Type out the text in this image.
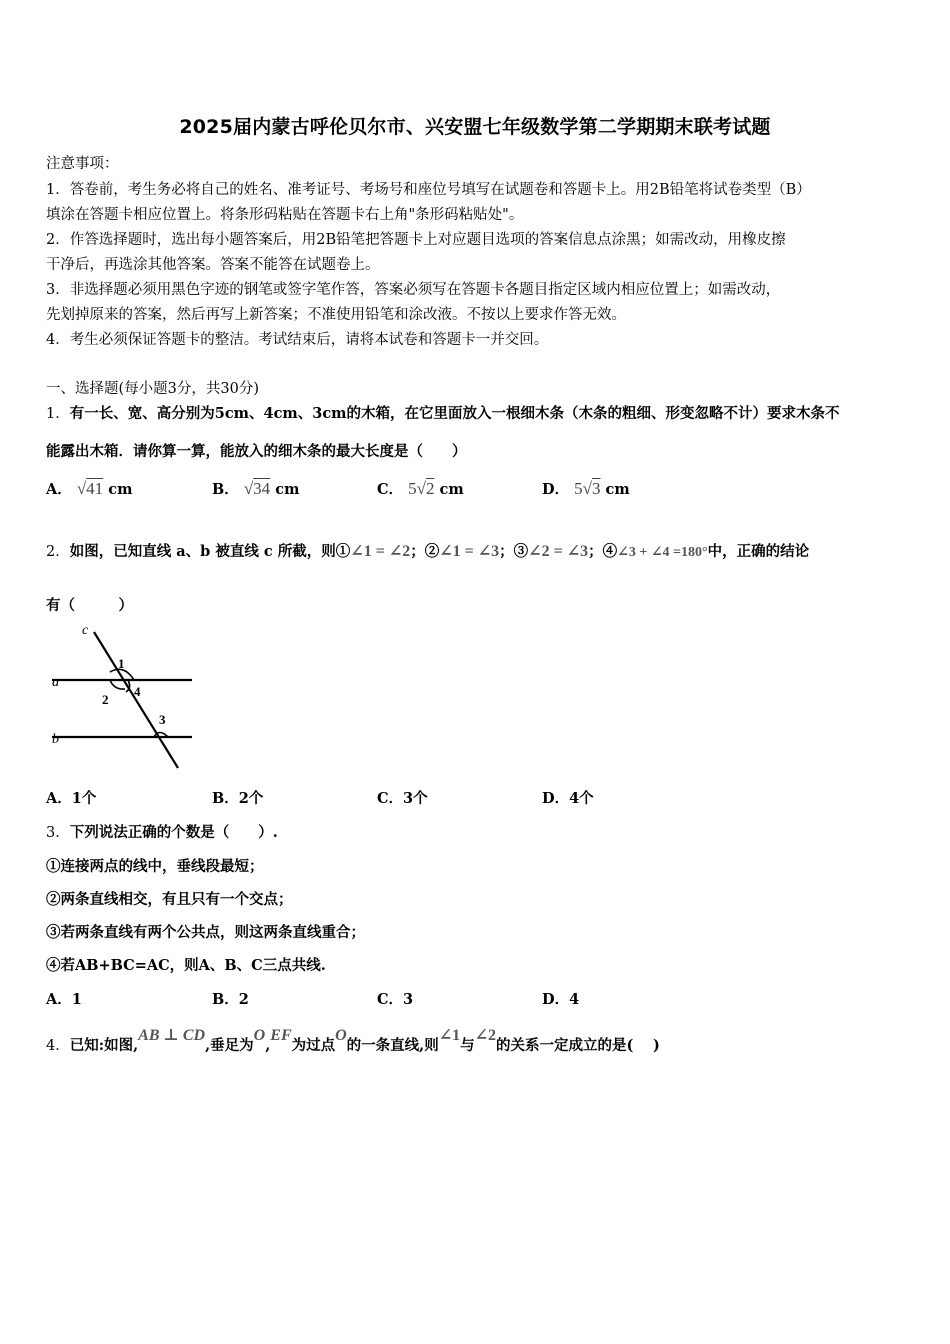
2025届内蒙古呼伦贝尔市、兴安盟七年级数学第二学期期末联考试题
注意事项：
1．答卷前，考生务必将自己的姓名、准考证号、考场号和座位号填写在试题卷和答题卡上。用2B铅笔将试卷类型（B）
填涂在答题卡相应位置上。将条形码粘贴在答题卡右上角"条形码粘贴处"。
2．作答选择题时，选出每小题答案后，用2B铅笔把答题卡上对应题目选项的答案信息点涂黑；如需改动，用橡皮擦
干净后，再选涂其他答案。答案不能答在试题卷上。
3．非选择题必须用黑色字迹的钢笔或签字笔作答，答案必须写在答题卡各题目指定区域内相应位置上；如需改动，
先划掉原来的答案，然后再写上新答案；不准使用铅笔和涂改液。不按以上要求作答无效。
4．考生必须保证答题卡的整洁。考试结束后，请将本试卷和答题卡一并交回。
一、选择题(每小题3分，共30分)
1．有一长、宽、高分别为5cm、4cm、3cm的木箱，在它里面放入一根细木条（木条的粗细、形变忽略不计）要求木条不
能露出木箱．请你算一算，能放入的细木条的最大长度是（　　）
A． √41 cm	B． √34 cm	C． 5√2 cm	D． 5√3 cm
2．如图，已知直线 a、b 被直线 c 所截，则①∠1 = ∠2；②∠1 = ∠3；③∠2 = ∠3；④∠3 + ∠4 =180°中，正确的结论
有（　　　）
c
a
b
1
2
4
3
A．1个	B．2个	C．3个	D．4个
3．下列说法正确的个数是（　　）.
①连接两点的线中，垂线段最短；
②两条直线相交，有且只有一个交点；
③若两条直线有两个公共点，则这两条直线重合；
④若AB+BC=AC，则A、B、C三点共线.
A．1	B．2	C．3	D．4
4．已知:如图,AB ⊥ CD,垂足为O,EF为过点O的一条直线,则∠1与∠2的关系一定成立的是(　 )
